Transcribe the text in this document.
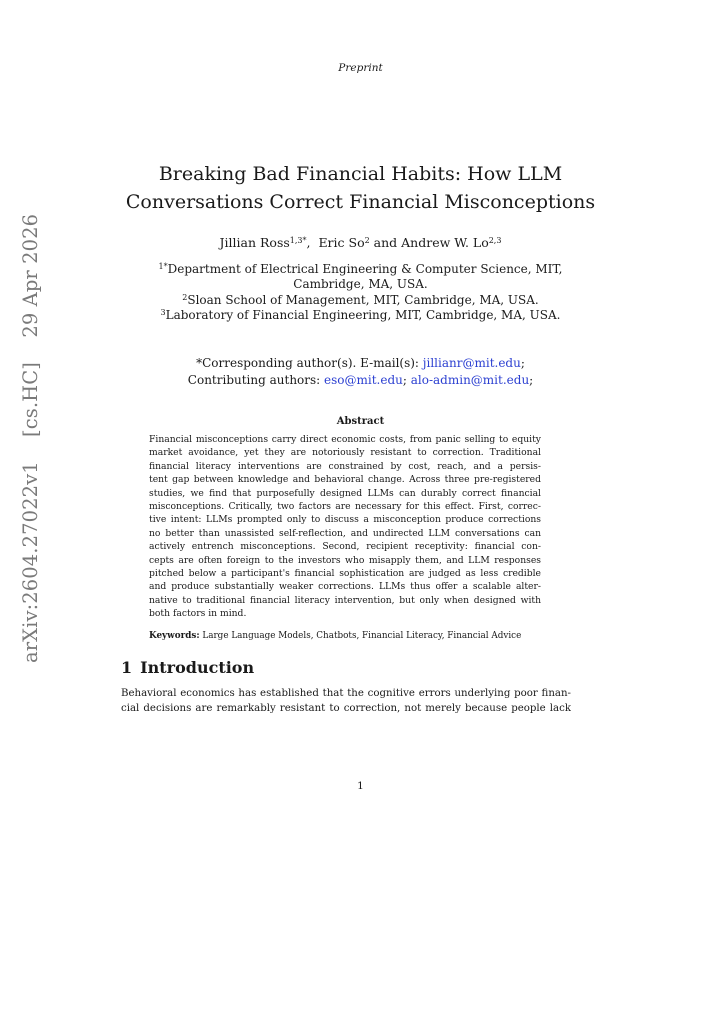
Preprint
arXiv:2604.27022v1 [cs.HC] 29 Apr 2026
Breaking Bad Financial Habits: How LLM
Conversations Correct Financial Misconceptions
Jillian Ross$^{1,3*}$,  Eric So$^2$ and Andrew W. Lo$^{2,3}$
$^{1*}$Department of Electrical Engineering & Computer Science, MIT,
Cambridge, MA, USA.
$^2$Sloan School of Management, MIT, Cambridge, MA, USA.
$^3$Laboratory of Financial Engineering, MIT, Cambridge, MA, USA.
*Corresponding author(s). E-mail(s): jillianr@mit.edu;
Contributing authors: eso@mit.edu; alo-admin@mit.edu;
Abstract
Financial misconceptions carry direct economic costs, from panic selling to equity
market avoidance, yet they are notoriously resistant to correction. Traditional
financial literacy interventions are constrained by cost, reach, and a persis-
tent gap between knowledge and behavioral change. Across three pre-registered
studies, we find that purposefully designed LLMs can durably correct financial
misconceptions. Critically, two factors are necessary for this effect. First, correc-
tive intent: LLMs prompted only to discuss a misconception produce corrections
no better than unassisted self-reflection, and undirected LLM conversations can
actively entrench misconceptions. Second, recipient receptivity: financial con-
cepts are often foreign to the investors who misapply them, and LLM responses
pitched below a participant's financial sophistication are judged as less credible
and produce substantially weaker corrections. LLMs thus offer a scalable alter-
native to traditional financial literacy intervention, but only when designed with
both factors in mind.
Keywords: Large Language Models, Chatbots, Financial Literacy, Financial Advice
1 Introduction
Behavioral economics has established that the cognitive errors underlying poor finan-
cial decisions are remarkably resistant to correction, not merely because people lack
1
